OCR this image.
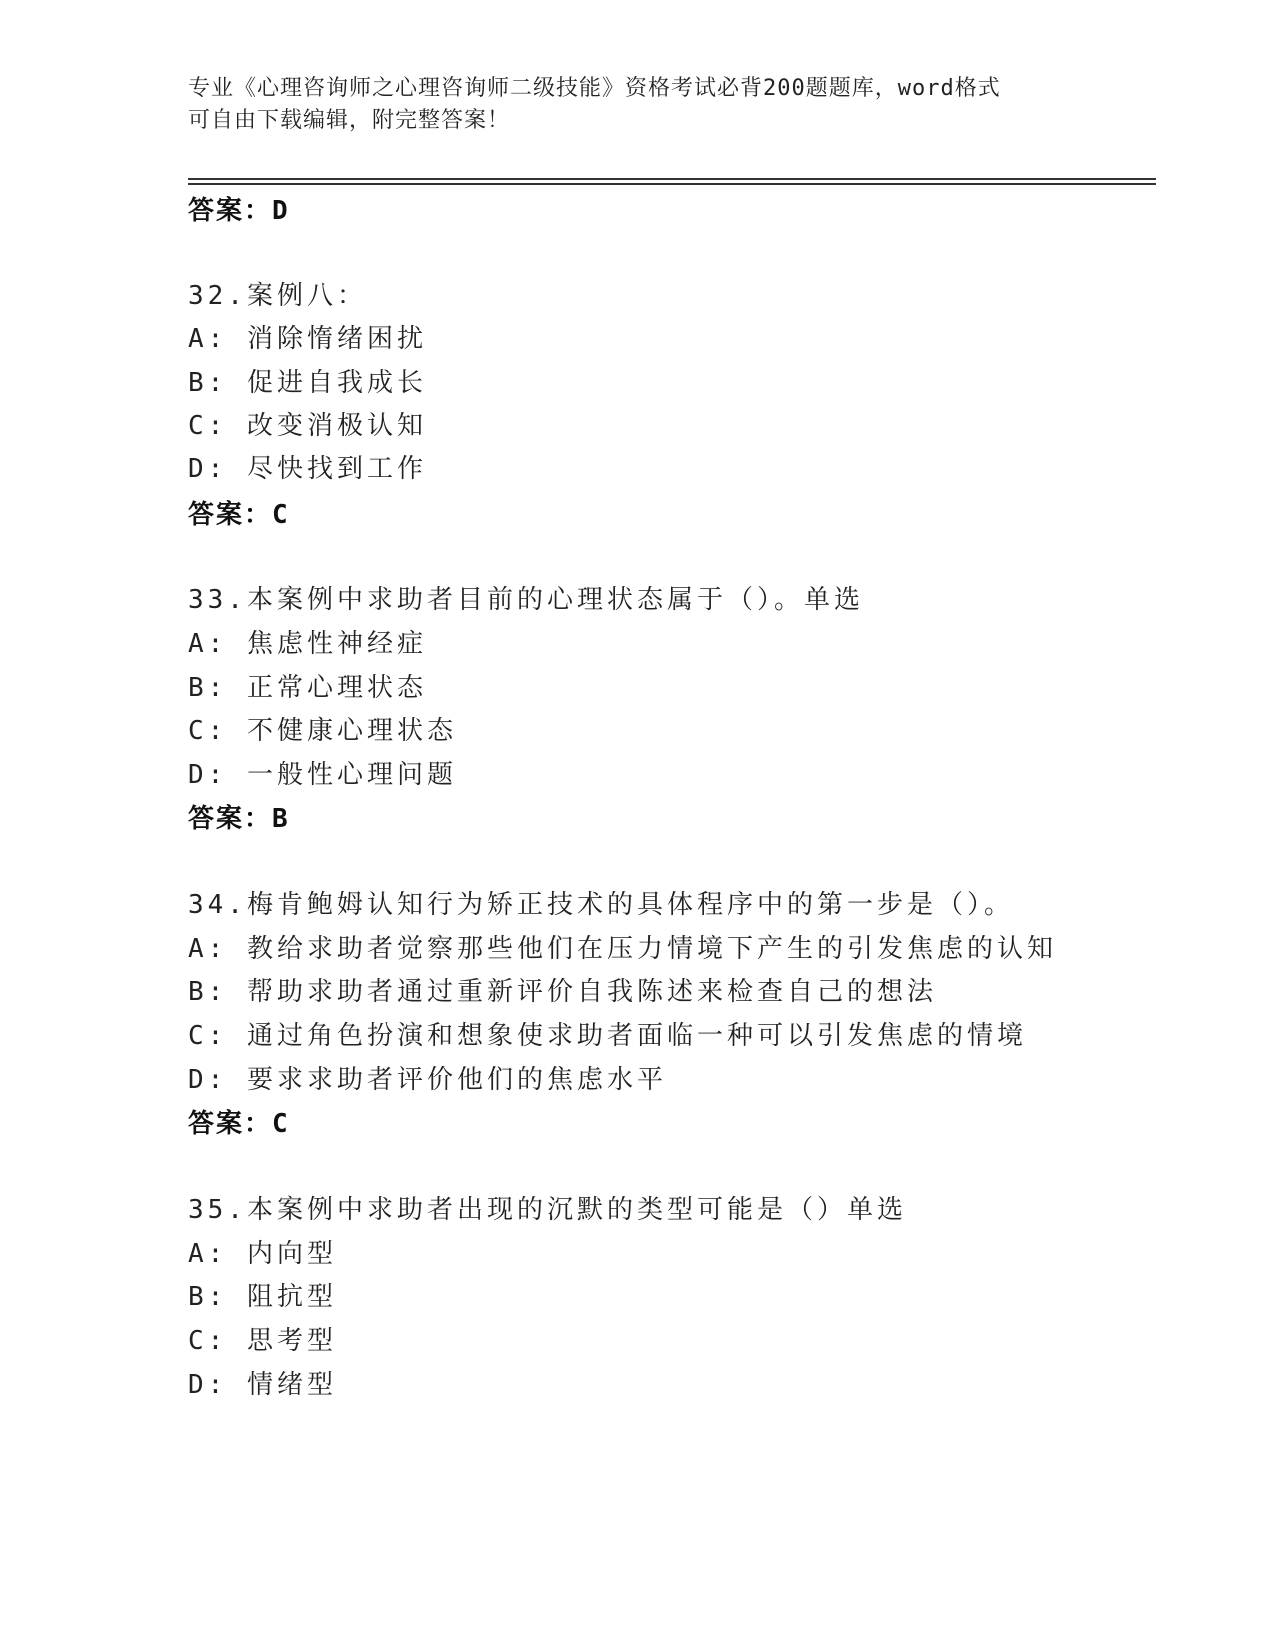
专业《心理咨询师之心理咨询师二级技能》资格考试必背200题题库，word格式
可自由下载编辑，附完整答案！
答案：D
32.案例八：
A: 消除惰绪困扰
B: 促进自我成长
C: 改变消极认知
D: 尽快找到工作
答案：C
33.本案例中求助者目前的心理状态属于（）。单选
A: 焦虑性神经症
B: 正常心理状态
C: 不健康心理状态
D: 一般性心理问题
答案：B
34.梅肯鲍姆认知行为矫正技术的具体程序中的第一步是（）。
A: 教给求助者觉察那些他们在压力情境下产生的引发焦虑的认知
B: 帮助求助者通过重新评价自我陈述来检查自己的想法
C: 通过角色扮演和想象使求助者面临一种可以引发焦虑的情境
D: 要求求助者评价他们的焦虑水平
答案：C
35.本案例中求助者出现的沉默的类型可能是（）单选
A: 内向型
B: 阻抗型
C: 思考型
D: 情绪型
